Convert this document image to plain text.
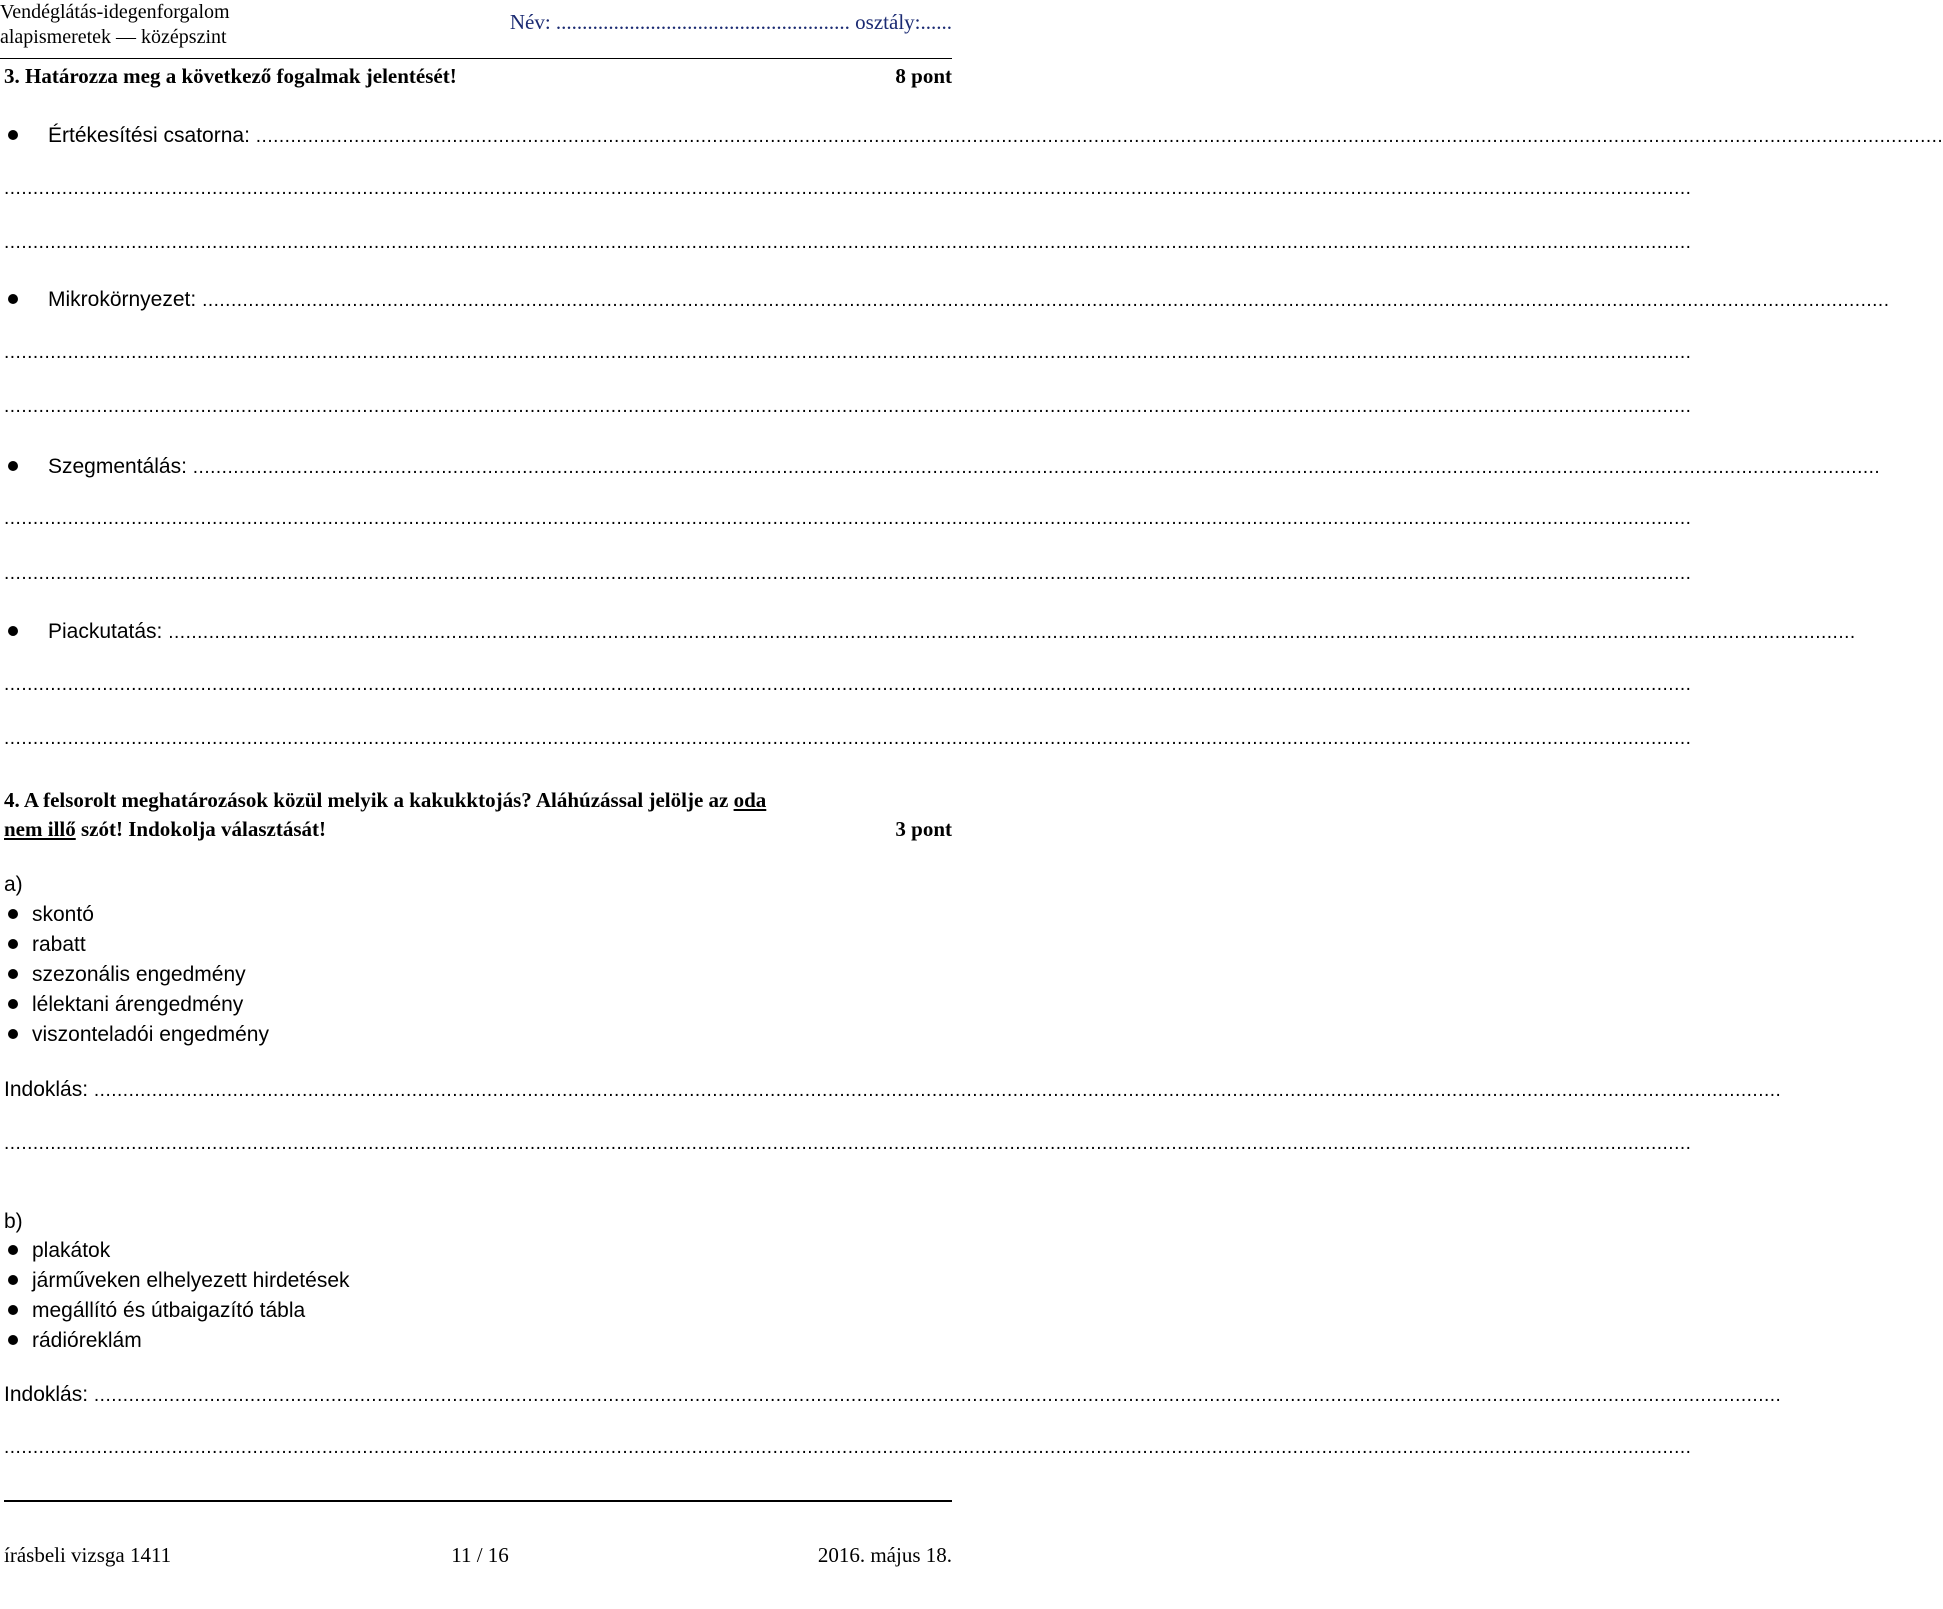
Vendéglátás-idegenforgalom
alapismeretek — középszint
Név: ........................................................ osztály:......
3. Határozza meg a következő fogalmak jelentését!	8 pont
Értékesítési csatorna: ....................................................................................................................................................................................................................................................................................................
....................................................................................................................................................................................................................................................................................................
....................................................................................................................................................................................................................................................................................................
Mikrokörnyezet: ....................................................................................................................................................................................................................................................................................................
....................................................................................................................................................................................................................................................................................................
....................................................................................................................................................................................................................................................................................................
Szegmentálás: ....................................................................................................................................................................................................................................................................................................
....................................................................................................................................................................................................................................................................................................
....................................................................................................................................................................................................................................................................................................
Piackutatás: ....................................................................................................................................................................................................................................................................................................
....................................................................................................................................................................................................................................................................................................
....................................................................................................................................................................................................................................................................................................
4. A felsorolt meghatározások közül melyik a kakukktojás? Aláhúzással jelölje az oda
nem illő szót! Indokolja választását!	3 pont
a)
skontó
rabatt
szezonális engedmény
lélektani árengedmény
viszonteladói engedmény
Indoklás: ....................................................................................................................................................................................................................................................................................................
....................................................................................................................................................................................................................................................................................................
b)
plakátok
járműveken elhelyezett hirdetések
megállító és útbaigazító tábla
rádióreklám
Indoklás: ....................................................................................................................................................................................................................................................................................................
....................................................................................................................................................................................................................................................................................................
írásbeli vizsga 1411	11 / 16	2016. május 18.
